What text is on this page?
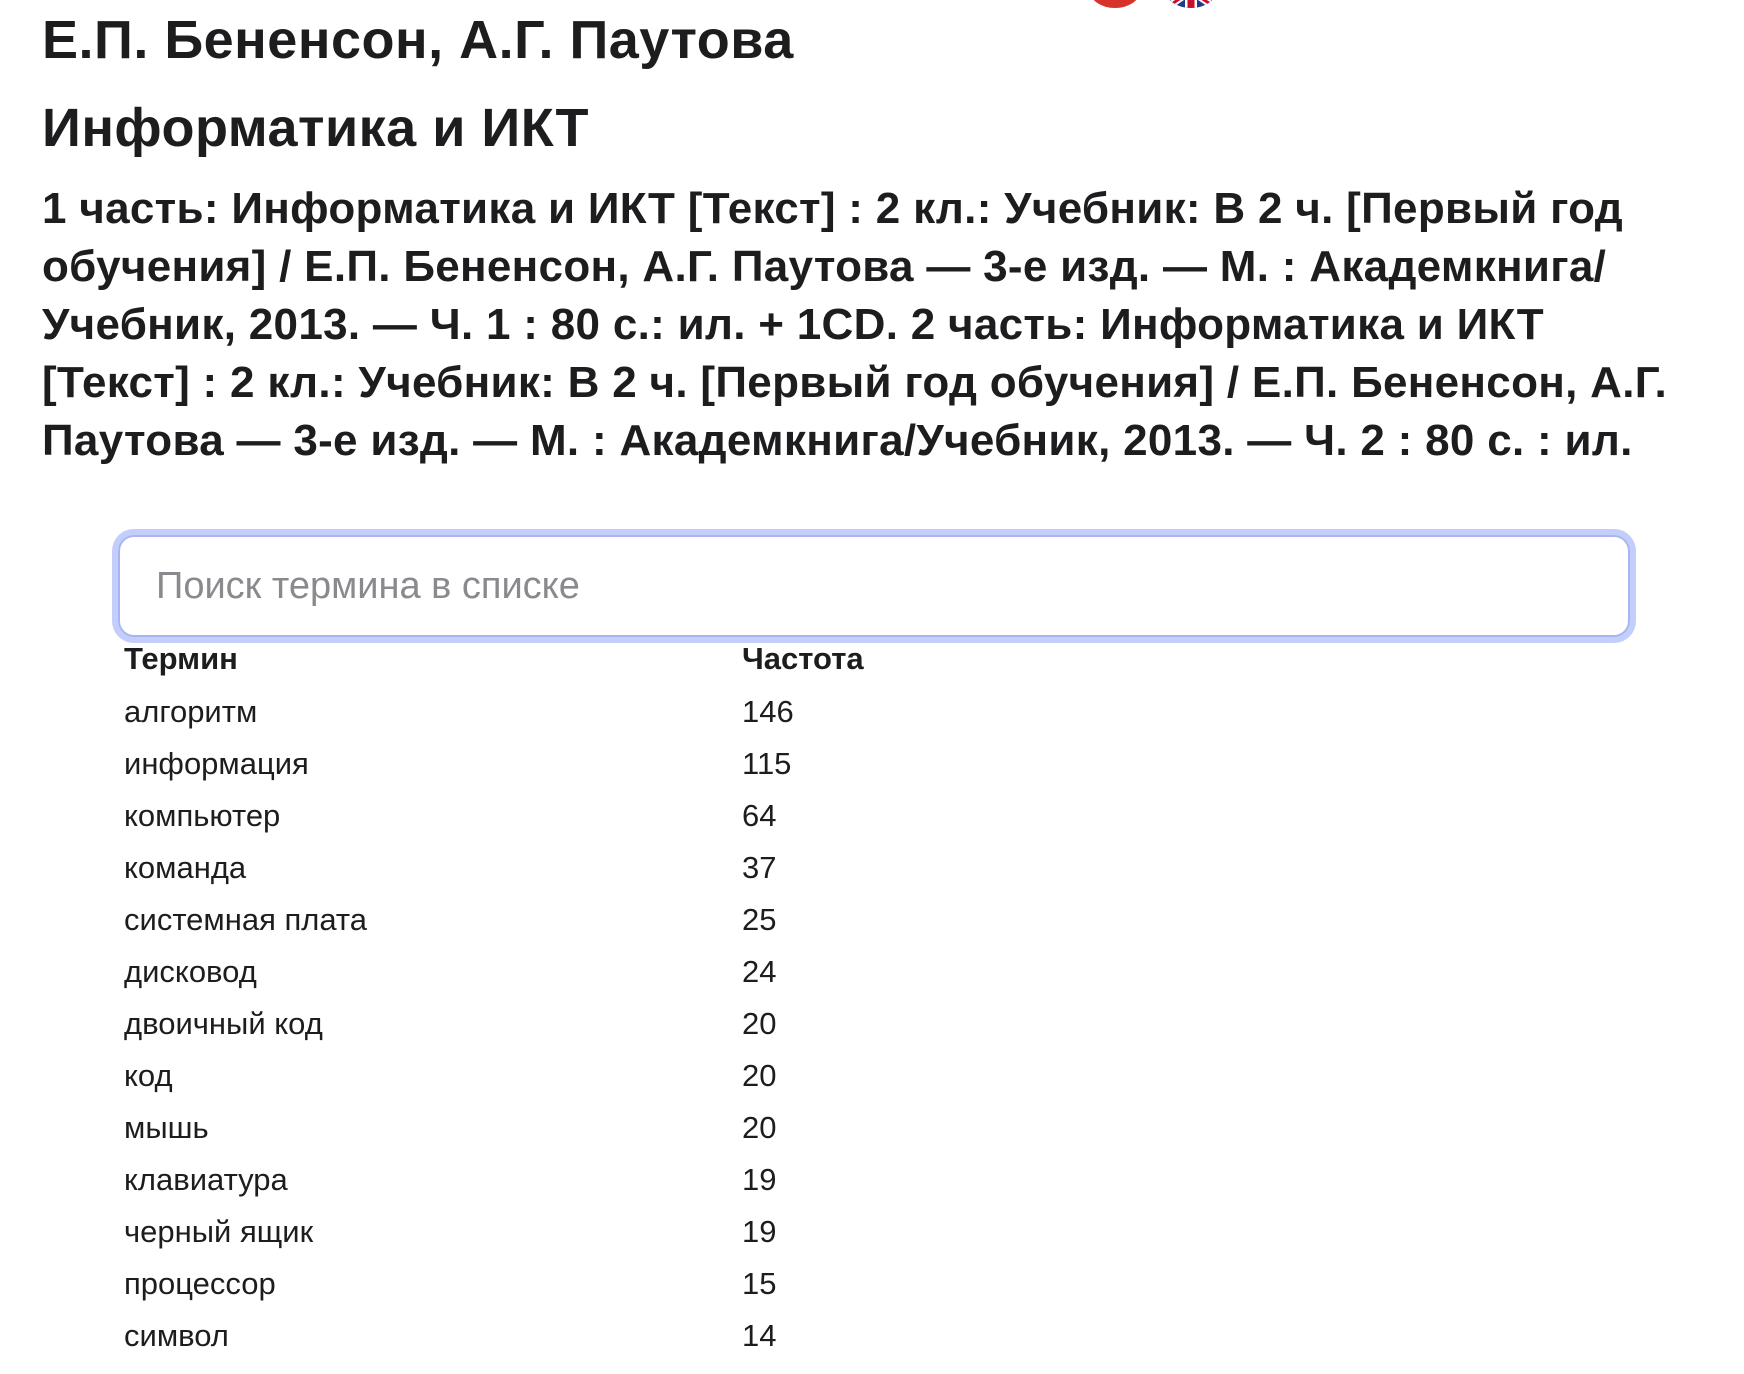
Е.П. Бененсон, А.Г. Паутова
Информатика и ИКТ

1 часть: Информатика и ИКТ [Текст] : 2 кл.: Учебник: В 2 ч. [Первый год обучения] / Е.П. Бененсон, А.Г. Паутова — 3-е изд. — М. : Академкнига/Учебник, 2013. — Ч. 1 : 80 с.: ил. + 1CD. 2 часть: Информатика и ИКТ [Текст] : 2 кл.: Учебник: В 2 ч. [Первый год обучения] / Е.П. Бененсон, А.Г. Паутова — 3-е изд. — М. : Академкнига/Учебник, 2013. — Ч. 2 : 80 с. : ил.

Поиск термина в списке
Термин	Частота
алгоритм	146
информация	115
компьютер	64
команда	37
системная плата	25
дисковод	24
двоичный код	20
код	20
мышь	20
клавиатура	19
черный ящик	19
процессор	15
символ	14
